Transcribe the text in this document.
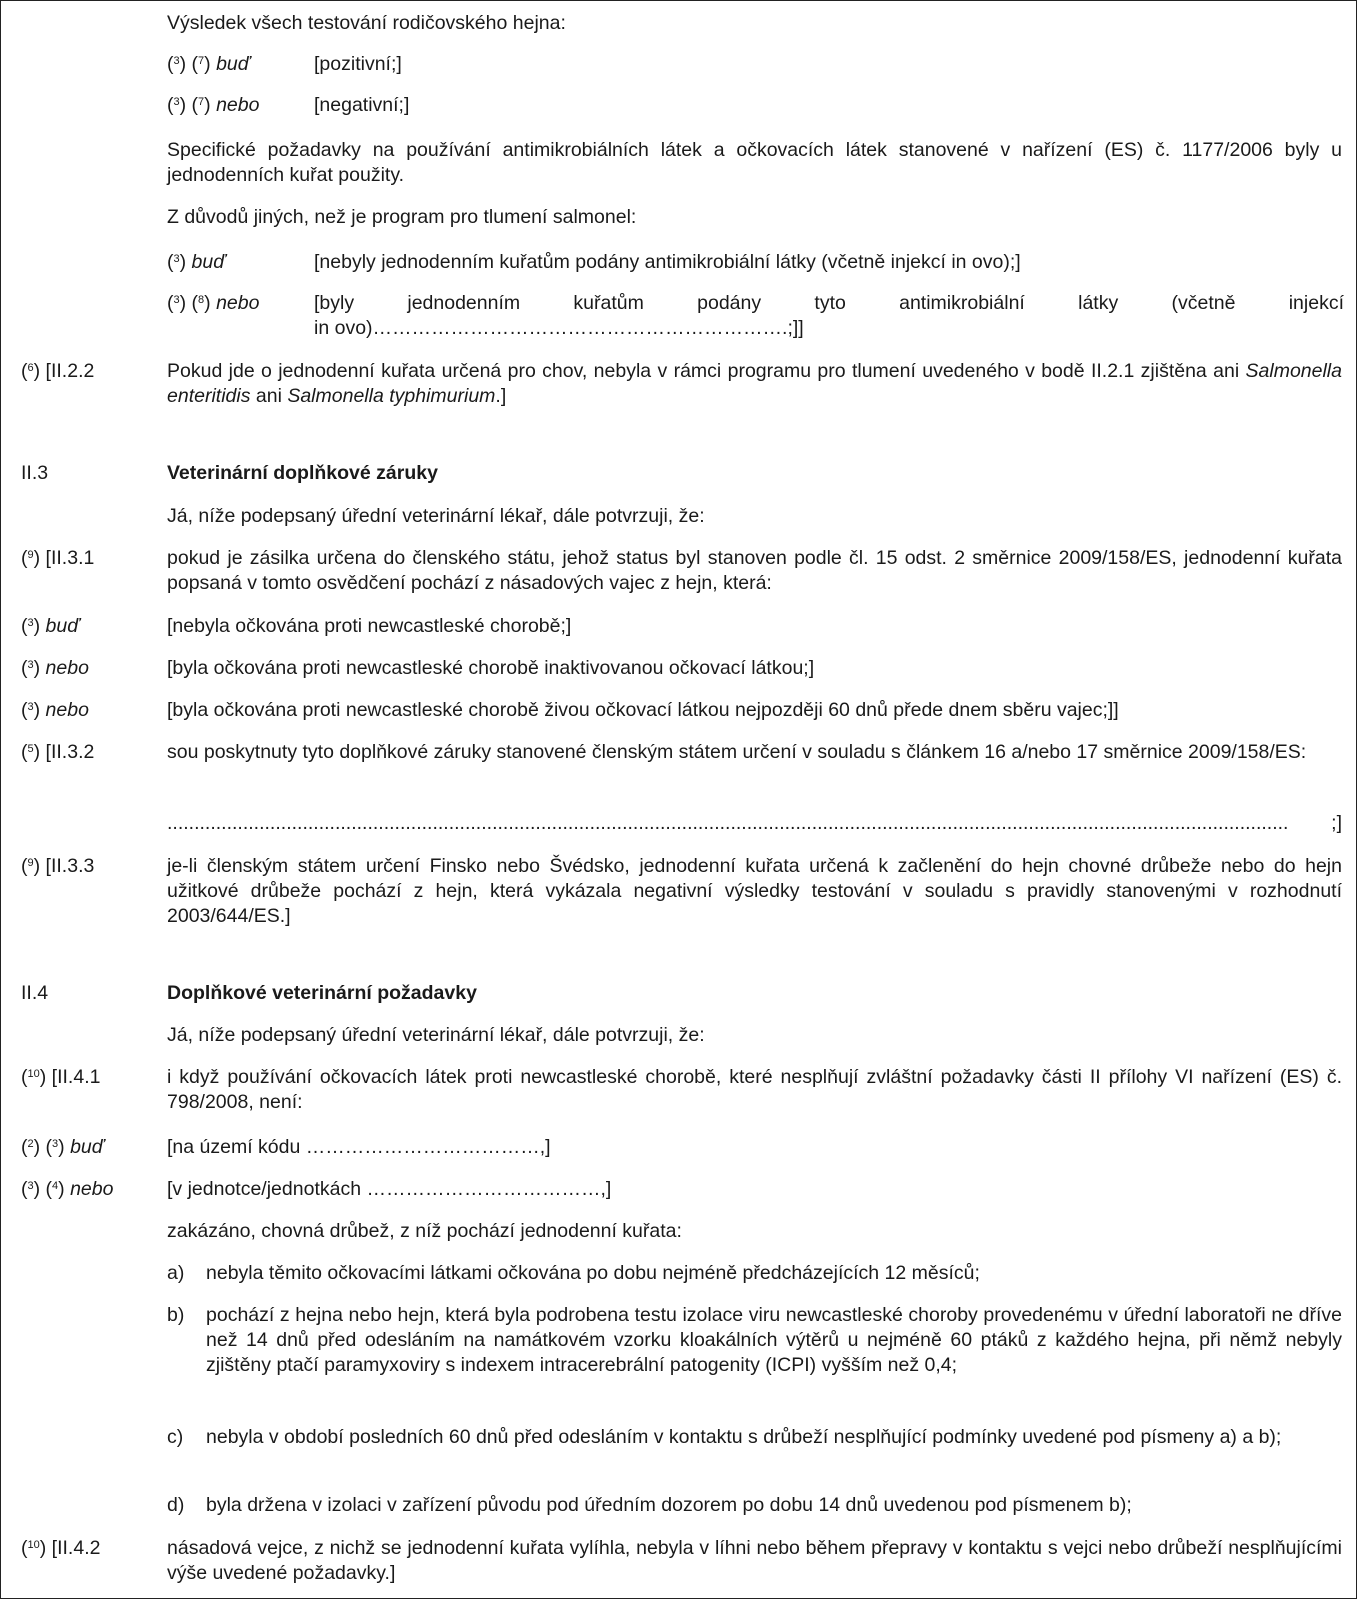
Výsledek všech testování rodičovského hejna:

($^3$) ($^7$) buď	[pozitivní;]

($^3$) ($^7$) nebo	[negativní;]

Specifické požadavky na používání antimikrobiálních látek a očkovacích látek stanovené v nařízení (ES) č. 1177/2006 byly u jednodenních kuřat použity.

Z důvodů jiných, než je program pro tlumení salmonel:

($^3$) buď	[nebyly jednodenním kuřatům podány antimikrobiální látky (včetně injekcí in ovo);]

($^3$) ($^8$) nebo	[byly jednodenním kuřatům podány tyto antimikrobiální látky (včetně injekcí

in ovo)……………………………………………………….;]]

($^6$) [II.2.2	Pokud jde o jednodenní kuřata určená pro chov, nebyla v rámci programu pro tlumení uvedeného v bodě II.2.1 zjištěna ani Salmonella enteritidis ani Salmonella typhimurium.]

II.3	Veterinární doplňkové záruky

Já, níže podepsaný úřední veterinární lékař, dále potvrzuji, že:

($^9$) [II.3.1	pokud je zásilka určena do členského státu, jehož status byl stanoven podle čl. 15 odst. 2 směrnice 2009/158/ES, jednodenní kuřata popsaná v tomto osvědčení pochází z násadových vajec z hejn, která:

($^3$) buď	[nebyla očkována proti newcastleské chorobě;]

($^3$) nebo	[byla očkována proti newcastleské chorobě inaktivovanou očkovací látkou;]

($^3$) nebo	[byla očkována proti newcastleské chorobě živou očkovací látkou nejpozději 60 dnů přede dnem sběru vajec;]]

($^5$) [II.3.2	sou poskytnuty tyto doplňkové záruky stanovené členským státem určení v souladu s článkem 16 a/nebo 17 směrnice 2009/158/ES:

...............................................................................................................................................................................................................	;]
($^9$) [II.3.3	je-li členským státem určení Finsko nebo Švédsko, jednodenní kuřata určená k začlenění do hejn chovné drůbeže nebo do hejn užitkové drůbeže pochází z hejn, která vykázala negativní výsledky testování v souladu s pravidly stanovenými v rozhodnutí 2003/644/ES.]

II.4	Doplňkové veterinární požadavky

Já, níže podepsaný úřední veterinární lékař, dále potvrzuji, že:

($^{10}$) [II.4.1	i když používání očkovacích látek proti newcastleské chorobě, které nesplňují zvláštní požadavky části II přílohy VI nařízení (ES) č. 798/2008, není:

($^2$) ($^3$) buď	[na území kódu ………………………………,]

($^3$) ($^4$) nebo	[v jednotce/jednotkách ………………………………,]

zakázáno, chovná drůbež, z níž pochází jednodenní kuřata:

a) nebyla těmito očkovacími látkami očkována po dobu nejméně předcházejících 12 měsíců;

b) pochází z hejna nebo hejn, která byla podrobena testu izolace viru newcastleské choroby provedenému v úřední laboratoři ne dříve než 14 dnů před odesláním na namátkovém vzorku kloakálních výtěrů u nejméně 60 ptáků z každého hejna, při němž nebyly zjištěny ptačí paramyxoviry s indexem intracerebrální patogenity (ICPI) vyšším než 0,4;

c) nebyla v období posledních 60 dnů před odesláním v kontaktu s drůbeží nesplňující podmínky uvedené pod písmeny a) a b);

d) byla držena v izolaci v zařízení původu pod úředním dozorem po dobu 14 dnů uvedenou pod písmenem b);

($^{10}$) [II.4.2	násadová vejce, z nichž se jednodenní kuřata vylíhla, nebyla v líhni nebo během přepravy v kontaktu s vejci nebo drůbeží nesplňujícími výše uvedené požadavky.]
